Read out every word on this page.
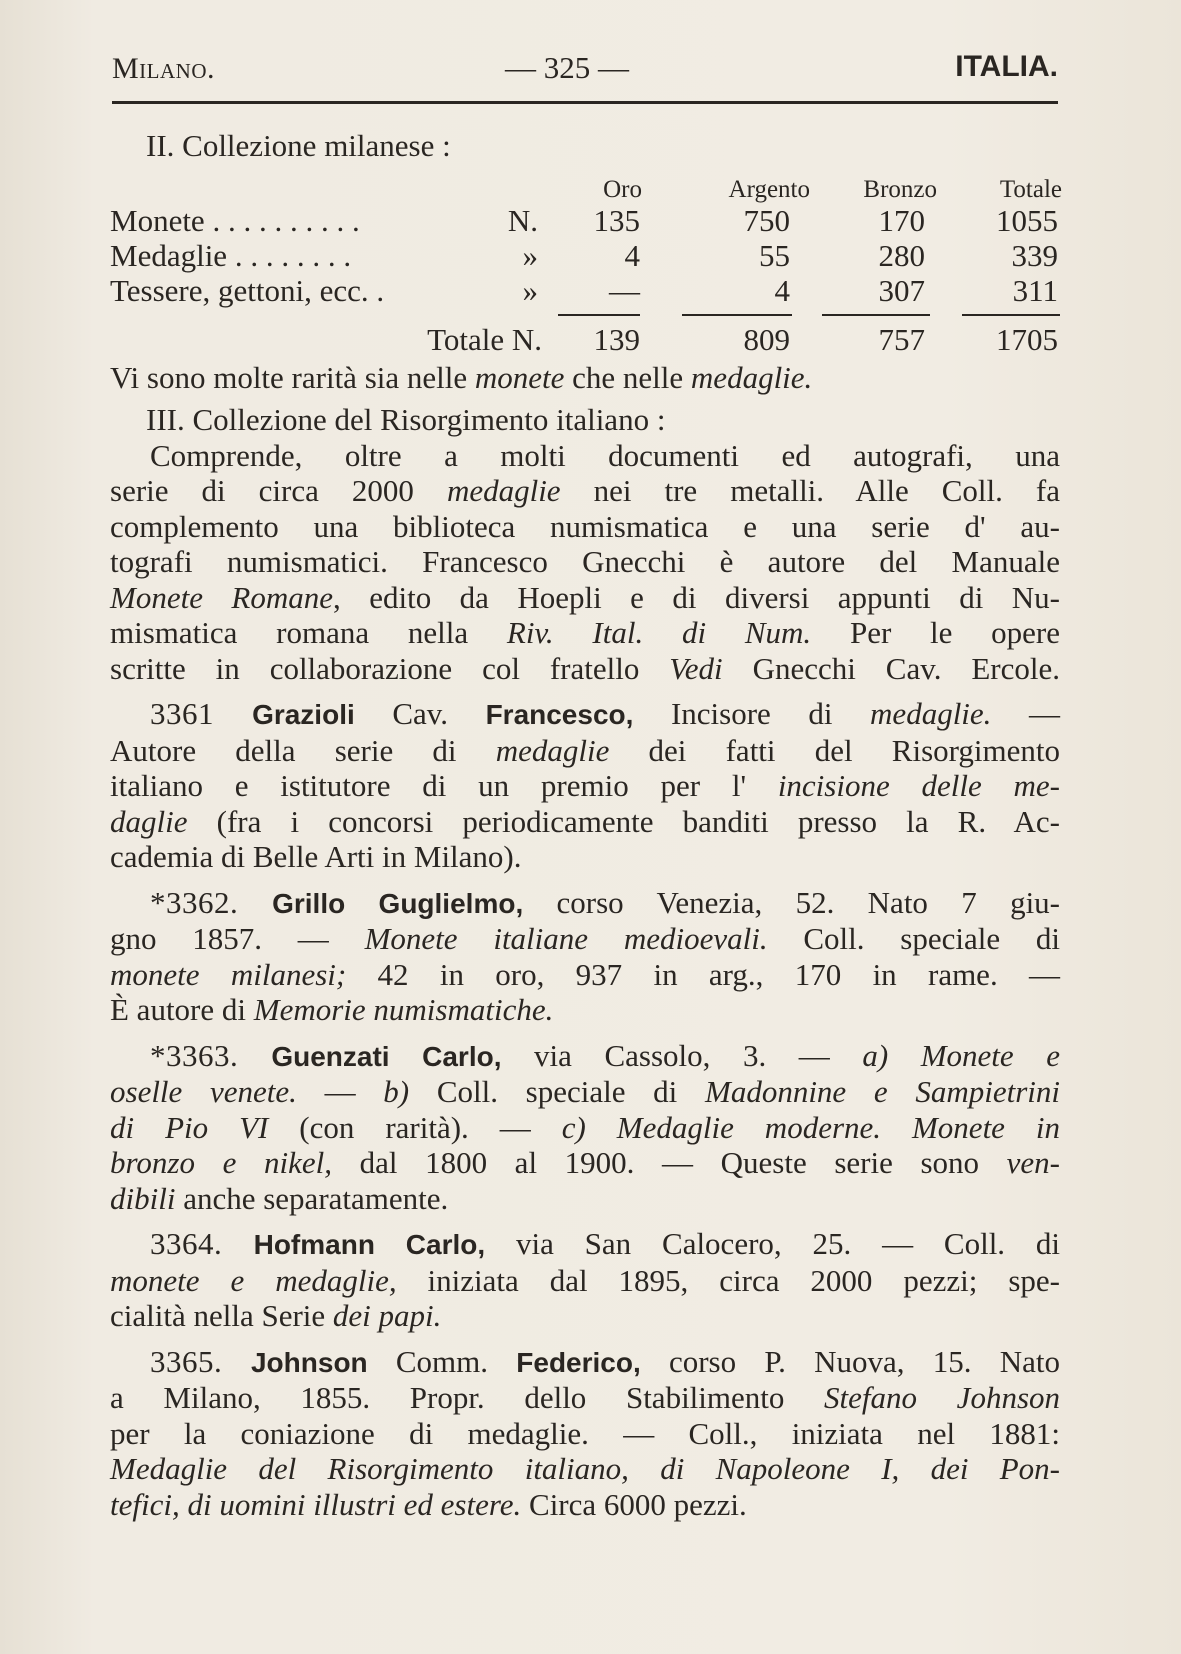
Milano.	— 325 —	ITALIA.
II. Collezione milanese :
Oro	Argento	Bronzo	Totale
Monete . . . . . . . . . .	N.	135	750	170	1055
Medaglie . . . . . . . .	»	4	55	280	339
Tessere, gettoni, ecc. .	»	—	4	307	311
Totale N.	139	809	757	1705
Vi sono molte rarità sia nelle monete che nelle medaglie.
III. Collezione del Risorgimento italiano :
Comprende, oltre a molti documenti ed autografi, una
serie di circa 2000 medaglie nei tre metalli. Alle Coll. fa
complemento una biblioteca numismatica e una serie d' au-
tografi numismatici. Francesco Gnecchi è autore del Manuale
Monete Romane, edito da Hoepli e di diversi appunti di Nu-
mismatica romana nella Riv. Ital. di Num. Per le opere
scritte in collaborazione col fratello Vedi Gnecchi Cav. Ercole.
3361 Grazioli Cav. Francesco, Incisore di medaglie. —
Autore della serie di medaglie dei fatti del Risorgimento
italiano e istitutore di un premio per l' incisione delle me-
daglie (fra i concorsi periodicamente banditi presso la R. Ac-
cademia di Belle Arti in Milano).
*3362. Grillo Guglielmo, corso Venezia, 52. Nato 7 giu-
gno 1857. — Monete italiane medioevali. Coll. speciale di
monete milanesi; 42 in oro, 937 in arg., 170 in rame. —
È autore di Memorie numismatiche.
*3363. Guenzati Carlo, via Cassolo, 3. — a) Monete e
oselle venete. — b) Coll. speciale di Madonnine e Sampietrini
di Pio VI (con rarità). — c) Medaglie moderne. Monete in
bronzo e nikel, dal 1800 al 1900. — Queste serie sono ven-
dibili anche separatamente.
3364. Hofmann Carlo, via San Calocero, 25. — Coll. di
monete e medaglie, iniziata dal 1895, circa 2000 pezzi; spe-
cialità nella Serie dei papi.
3365. Johnson Comm. Federico, corso P. Nuova, 15. Nato
a Milano, 1855. Propr. dello Stabilimento Stefano Johnson
per la coniazione di medaglie. — Coll., iniziata nel 1881:
Medaglie del Risorgimento italiano, di Napoleone I, dei Pon-
tefici, di uomini illustri ed estere. Circa 6000 pezzi.
